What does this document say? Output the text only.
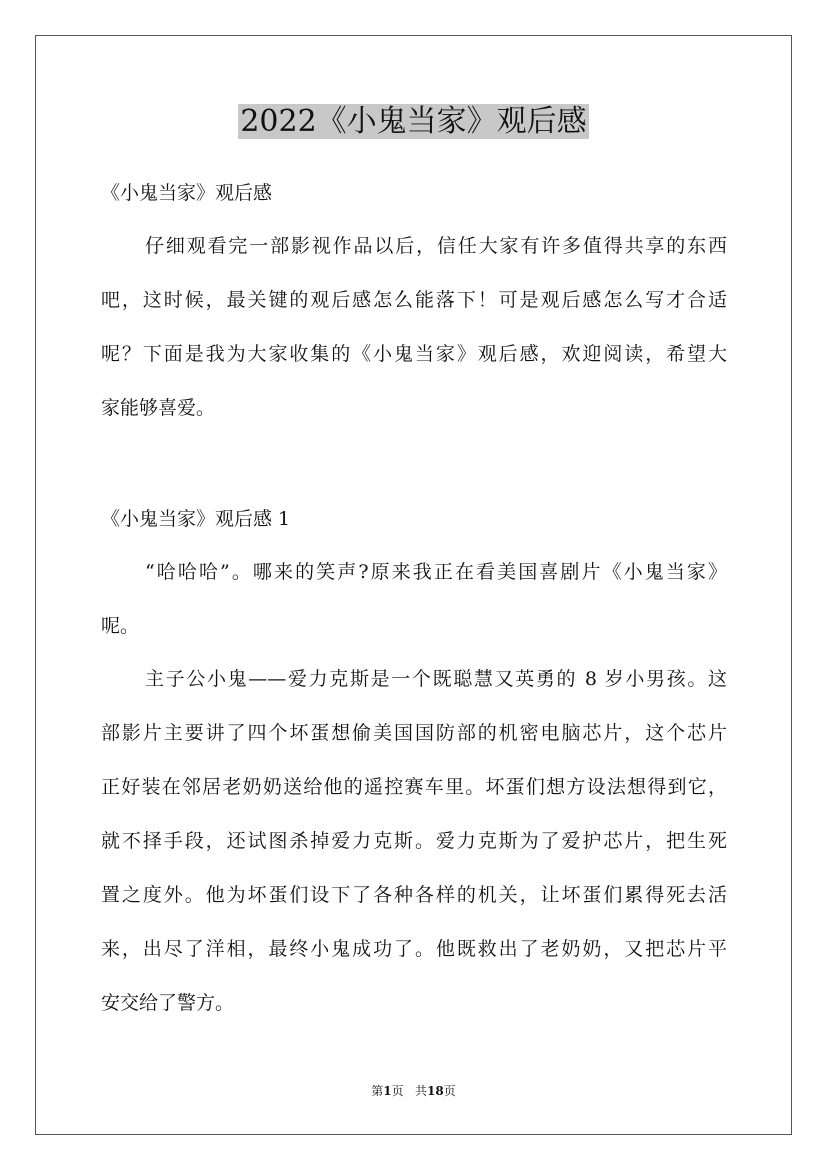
2022《小鬼当家》观后感
《小鬼当家》观后感
仔细观看完一部影视作品以后，信任大家有许多值得共享的东西
吧，这时候，最关键的观后感怎么能落下！可是观后感怎么写才合适
呢？下面是我为大家收集的《小鬼当家》观后感，欢迎阅读，希望大
家能够喜爱。
《小鬼当家》观后感 1
“哈哈哈”。哪来的笑声?原来我正在看美国喜剧片《小鬼当家》
呢。
主子公小鬼——爱力克斯是一个既聪慧又英勇的 8 岁小男孩。这
部影片主要讲了四个坏蛋想偷美国国防部的机密电脑芯片，这个芯片
正好装在邻居老奶奶送给他的遥控赛车里。坏蛋们想方设法想得到它，
就不择手段，还试图杀掉爱力克斯。爱力克斯为了爱护芯片，把生死
置之度外。他为坏蛋们设下了各种各样的机关，让坏蛋们累得死去活
来，出尽了洋相，最终小鬼成功了。他既救出了老奶奶，又把芯片平
安交给了警方。
第1页   共18页
